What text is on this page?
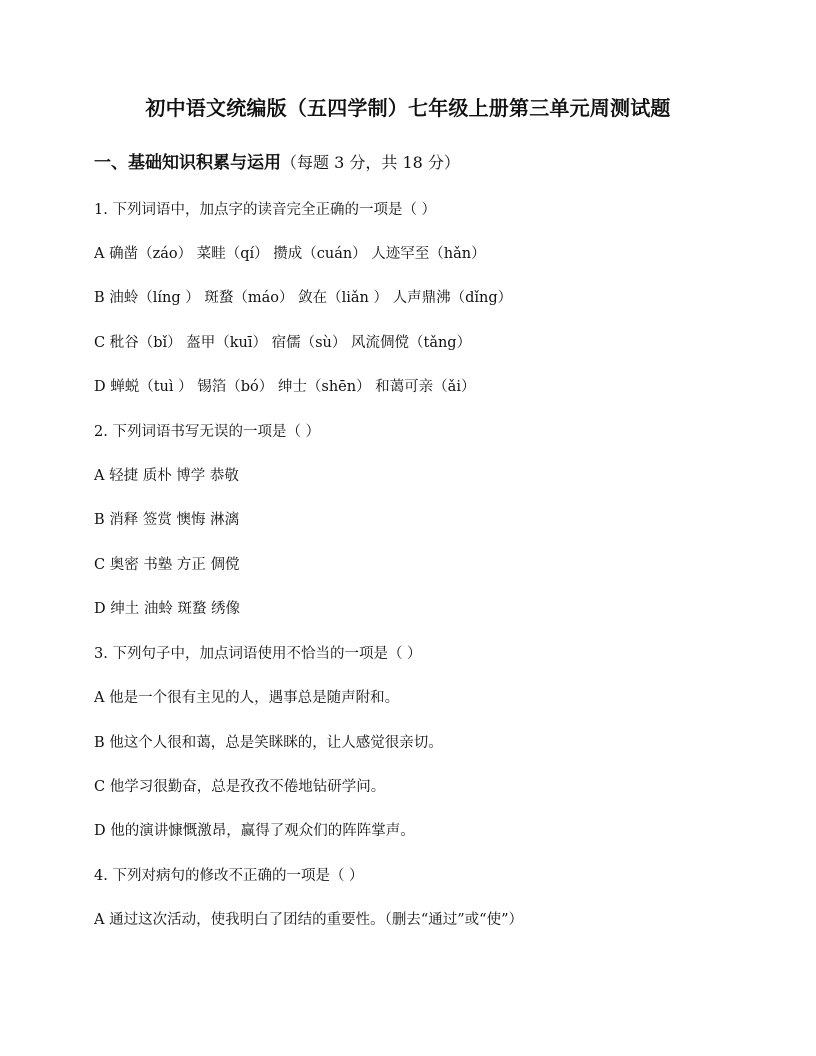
初中语文统编版（五四学制）七年级上册第三单元周测试题
一、基础知识积累与运用（每题 3 分，共 18 分）
1. 下列词语中，加点字的读音完全正确的一项是（ ）
A 确凿（záo） 菜畦（qí） 攒成（cuán） 人迹罕至（hǎn）
B 油蛉（líng ） 斑蝥（máo） 敛在（liǎn ） 人声鼎沸（dǐng）
C 秕谷（bǐ） 盔甲（kuī） 宿儒（sù） 风流倜傥（tǎng）
D 蝉蜕（tuì ） 锡箔（bó） 绅士（shēn） 和蔼可亲（ǎi）
2. 下列词语书写无误的一项是（ ）
A 轻捷 质朴 博学 恭敬
B 消释 签赏 懊悔 淋漓
C 奥密 书塾 方正 倜傥
D 绅土 油蛉 斑蝥 绣像
3. 下列句子中，加点词语使用不恰当的一项是（ ）
A 他是一个很有主见的人，遇事总是随声附和。
B 他这个人很和蔼，总是笑眯眯的，让人感觉很亲切。
C 他学习很勤奋，总是孜孜不倦地钻研学问。
D 他的演讲慷慨激昂，赢得了观众们的阵阵掌声。
4. 下列对病句的修改不正确的一项是（ ）
A 通过这次活动，使我明白了团结的重要性。（删去“通过”或“使”）
